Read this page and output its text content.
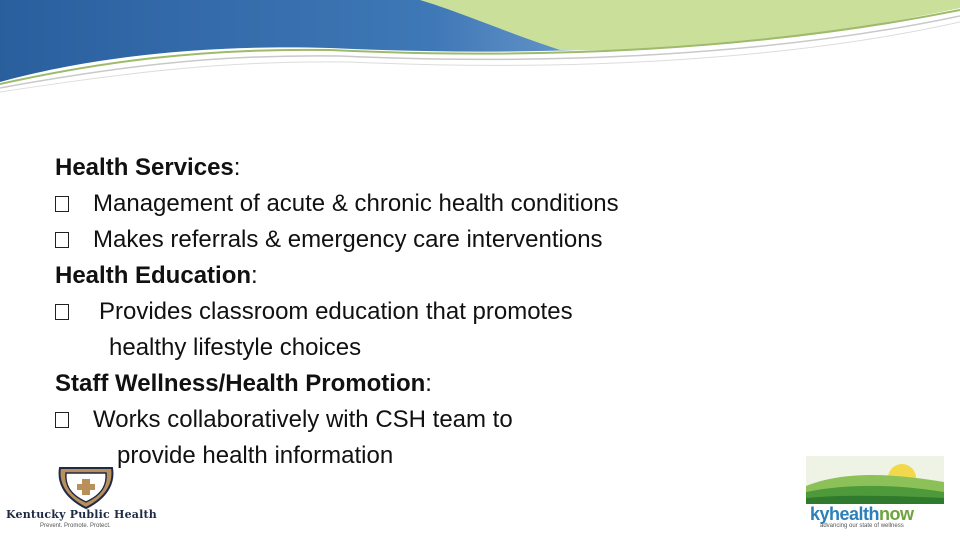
Health Services:
Management of acute & chronic health conditions
Makes referrals & emergency care interventions
Health Education:
Provides classroom education that promotes
healthy lifestyle choices
Staff Wellness/Health Promotion:
Works collaboratively with CSH team to
provide health information
Kentucky Public Health
Prevent. Promote. Protect.
kyhealthnow
advancing our state of wellness
